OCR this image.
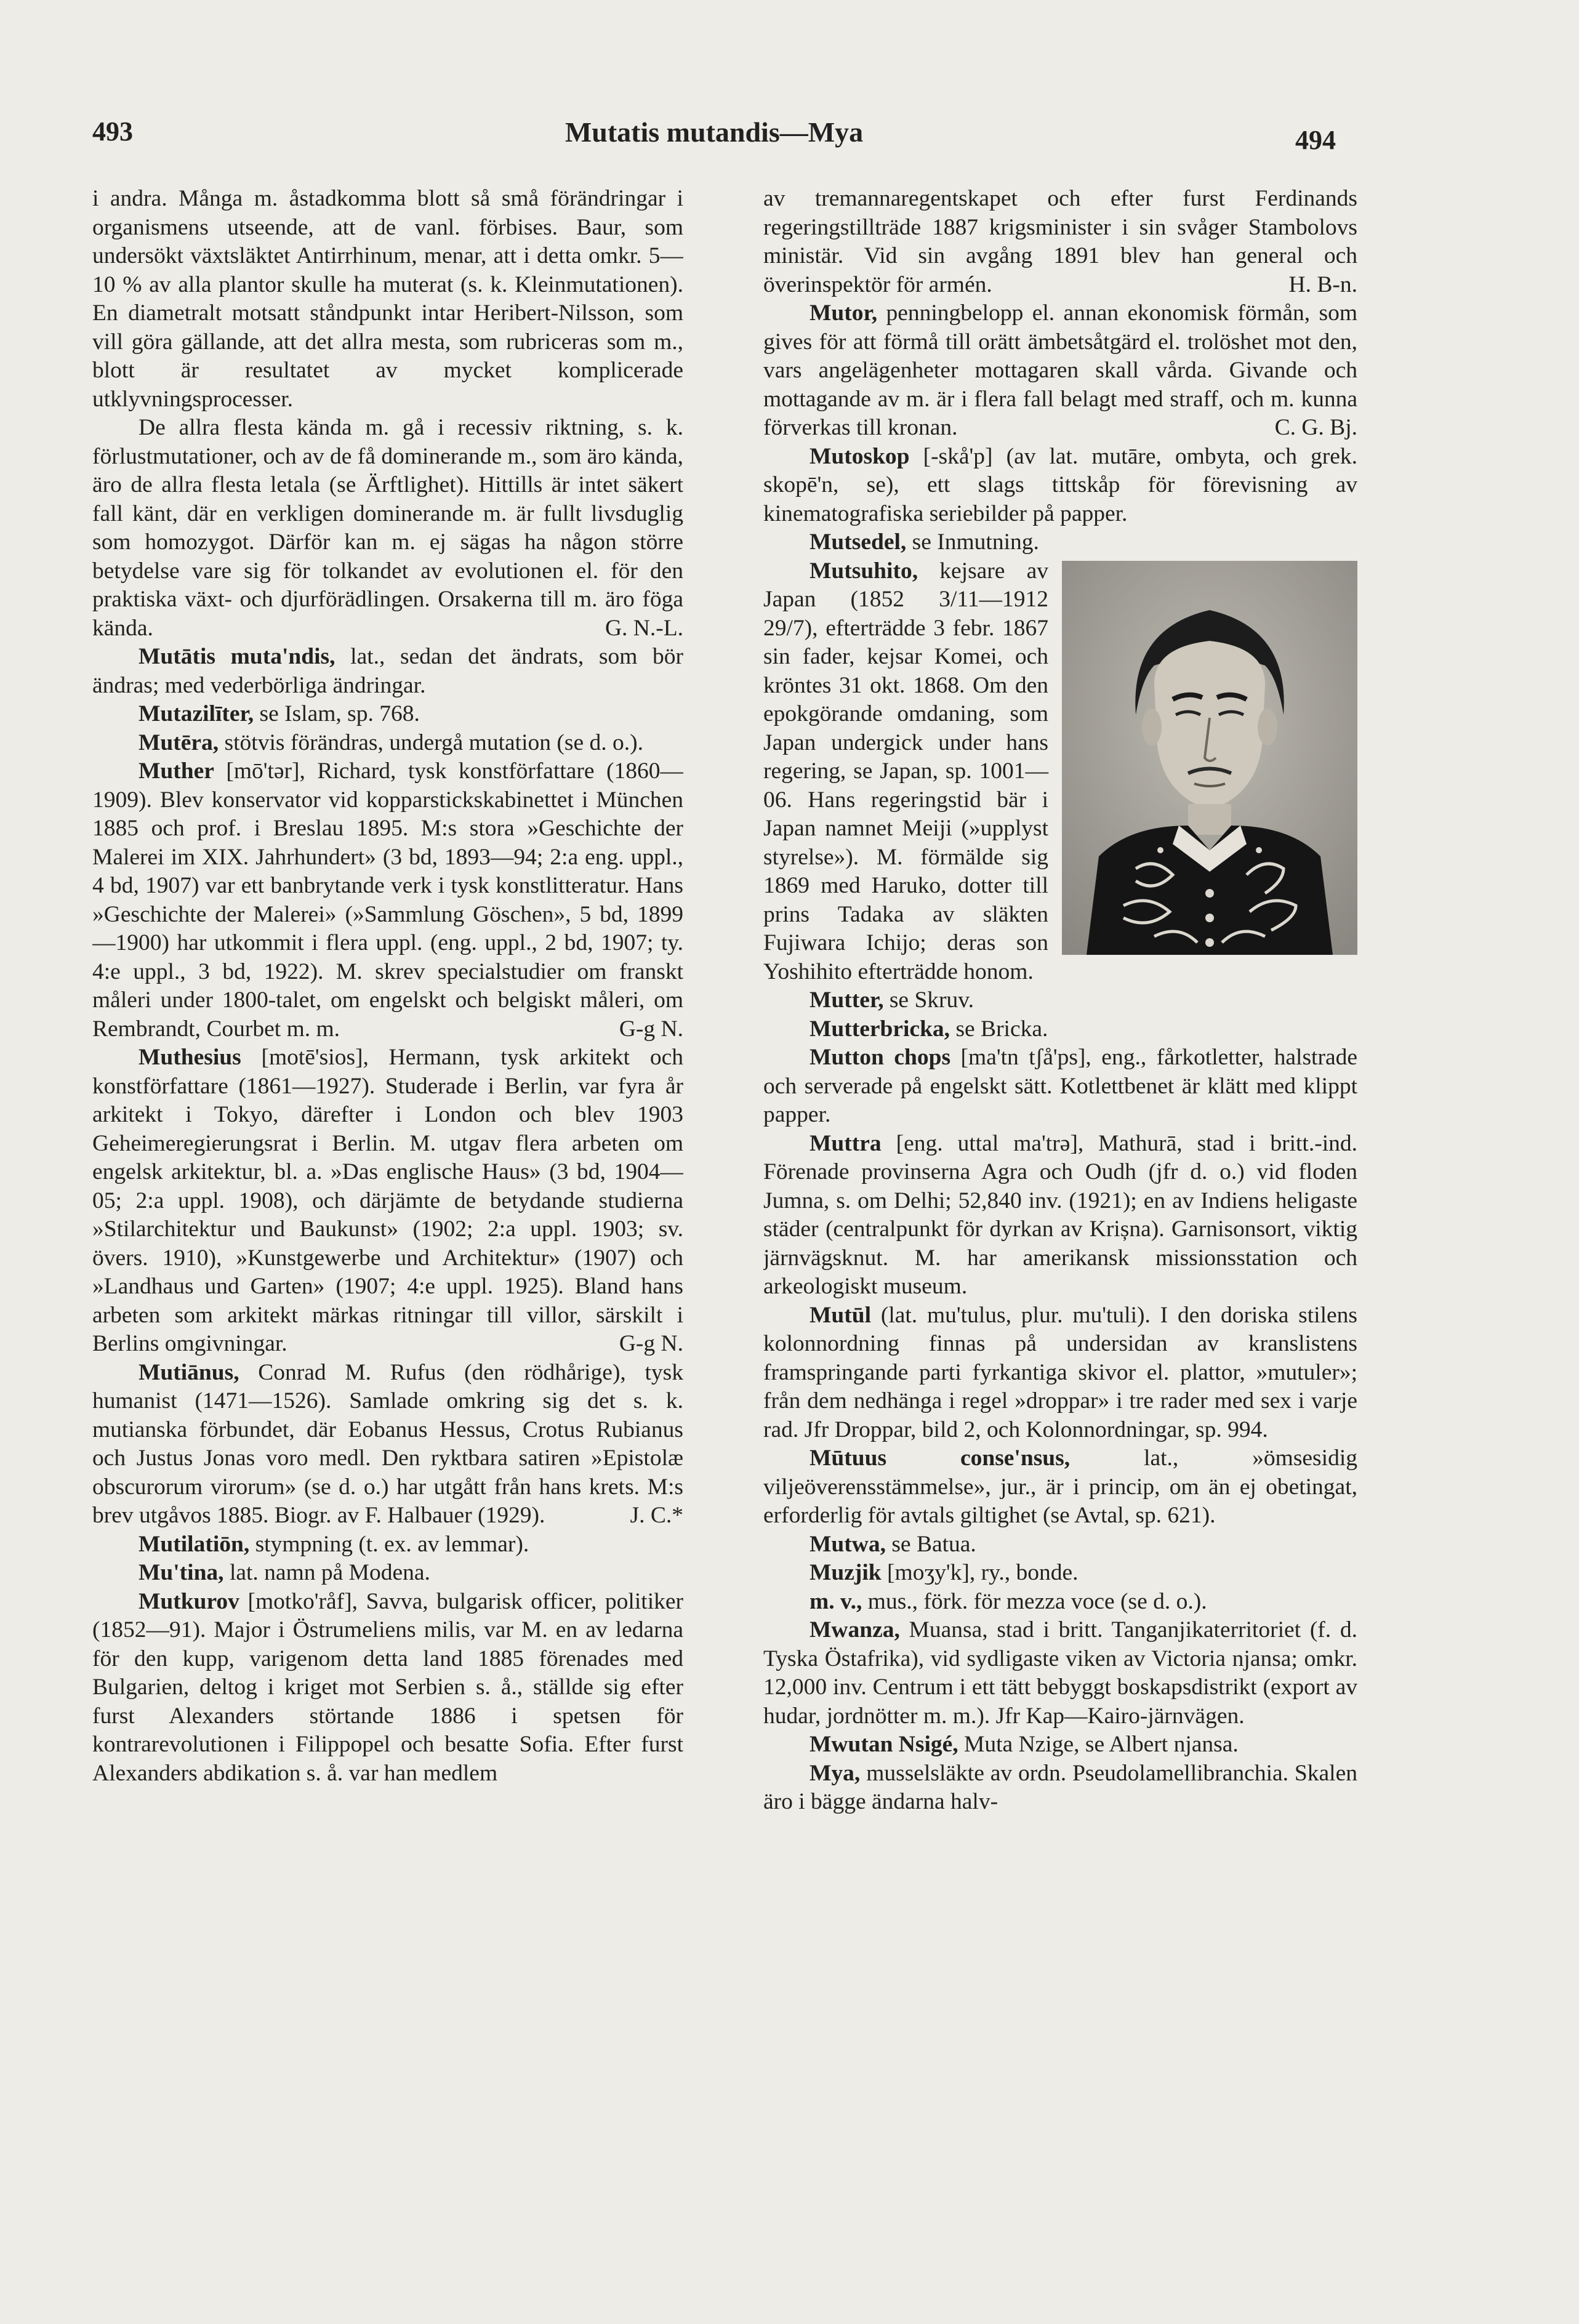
493	Mutatis mutandis—Mya	494

i andra. Många m. åstadkomma blott så små förändringar i organismens utseende, att de vanl. förbises. Baur, som undersökt växtsläktet Antirrhinum, menar, att i detta omkr. 5—10 % av alla plantor skulle ha muterat (s. k. Kleinmutationen). En diametralt motsatt ståndpunkt intar Heribert-Nilsson, som vill göra gällande, att det allra mesta, som rubriceras som m., blott är resultatet av mycket komplicerade utklyvningsprocesser.

De allra flesta kända m. gå i recessiv riktning, s. k. förlustmutationer, och av de få dominerande m., som äro kända, äro de allra flesta letala (se Ärftlighet). Hittills är intet säkert fall känt, där en verkligen dominerande m. är fullt livsduglig som homozygot. Därför kan m. ej sägas ha någon större betydelse vare sig för tolkandet av evolutionen el. för den praktiska växt- och djurförädlingen. Orsakerna till m. äro föga kända.	G. N.-L.

Mutātis muta'ndis, lat., sedan det ändrats, som bör ändras; med vederbörliga ändringar.

Mutazilīter, se Islam, sp. 768.

Mutēra, stötvis förändras, undergå mutation (se d. o.).

Muther [mō'tər], Richard, tysk konstförfattare (1860—1909). Blev konservator vid kopparstickskabinettet i München 1885 och prof. i Breslau 1895. M:s stora »Geschichte der Malerei im XIX. Jahrhundert» (3 bd, 1893—94; 2:a eng. uppl., 4 bd, 1907) var ett banbrytande verk i tysk konstlitteratur. Hans »Geschichte der Malerei» (»Sammlung Göschen», 5 bd, 1899—1900) har utkommit i flera uppl. (eng. uppl., 2 bd, 1907; ty. 4:e uppl., 3 bd, 1922). M. skrev specialstudier om franskt måleri under 1800-talet, om engelskt och belgiskt måleri, om Rembrandt, Courbet m. m.	G-g N.

Muthesius [motē'sios], Hermann, tysk arkitekt och konstförfattare (1861—1927). Studerade i Berlin, var fyra år arkitekt i Tokyo, därefter i London och blev 1903 Geheimeregierungsrat i Berlin. M. utgav flera arbeten om engelsk arkitektur, bl. a. »Das englische Haus» (3 bd, 1904—05; 2:a uppl. 1908), och därjämte de betydande studierna »Stilarchitektur und Baukunst» (1902; 2:a uppl. 1903; sv. övers. 1910), »Kunstgewerbe und Architektur» (1907) och »Landhaus und Garten» (1907; 4:e uppl. 1925). Bland hans arbeten som arkitekt märkas ritningar till villor, särskilt i Berlins omgivningar.	G-g N.

Mutiānus, Conrad M. Rufus (den rödhårige), tysk humanist (1471—1526). Samlade omkring sig det s. k. mutianska förbundet, där Eobanus Hessus, Crotus Rubianus och Justus Jonas voro medl. Den ryktbara satiren »Epistolæ obscurorum virorum» (se d. o.) har utgått från hans krets. M:s brev utgåvos 1885. Biogr. av F. Halbauer (1929).	J. C.*

Mutilatiōn, stympning (t. ex. av lemmar).

Mu'tina, lat. namn på Modena.

Mutkurov [motko'råf], Savva, bulgarisk officer, politiker (1852—91). Major i Östrumeliens milis, var M. en av ledarna för den kupp, varigenom detta land 1885 förenades med Bulgarien, deltog i kriget mot Serbien s. å., ställde sig efter furst Alexanders störtande 1886 i spetsen för kontrarevolutionen i Filippopel och besatte Sofia. Efter furst Alexanders abdikation s. å. var han medlem

av tremannaregentskapet och efter furst Ferdinands regeringstillträde 1887 krigsminister i sin svåger Stambolovs ministär. Vid sin avgång 1891 blev han general och överinspektör för armén.	H. B-n.

Mutor, penningbelopp el. annan ekonomisk förmån, som gives för att förmå till orätt ämbetsåtgärd el. trolöshet mot den, vars angelägenheter mottagaren skall vårda. Givande och mottagande av m. är i flera fall belagt med straff, och m. kunna förverkas till kronan.	C. G. Bj.

Mutoskop [-skå'p] (av lat. mutāre, ombyta, och grek. skopē'n, se), ett slags tittskåp för förevisning av kinematografiska seriebilder på papper.

Mutsedel, se Inmutning.

Mutsuhito, kejsare av Japan (1852 3/11—1912 29/7), efterträdde 3 febr. 1867 sin fader, kejsar Komei, och kröntes 31 okt. 1868. Om den epokgörande omdaning, som Japan undergick under hans regering, se Japan, sp. 1001—06. Hans regeringstid bär i Japan namnet Meiji (»upplyst styrelse»). M. förmälde sig 1869 med Haruko, dotter till prins Tadaka av släkten Fujiwara Ichijo; deras son Yoshihito efterträdde honom.

Mutter, se Skruv.

Mutterbricka, se Bricka.

Mutton chops [ma'tn tʃå'ps], eng., fårkotletter, halstrade och serverade på engelskt sätt. Kotlettbenet är klätt med klippt papper.

Muttra [eng. uttal ma'trə], Mathurā, stad i britt.-ind. Förenade provinserna Agra och Oudh (jfr d. o.) vid floden Jumna, s. om Delhi; 52,840 inv. (1921); en av Indiens heligaste städer (centralpunkt för dyrkan av Krișna). Garnisonsort, viktig järnvägsknut. M. har amerikansk missionsstation och arkeologiskt museum.

Mutūl (lat. mu'tulus, plur. mu'tuli). I den doriska stilens kolonnordning finnas på undersidan av kranslistens framspringande parti fyrkantiga skivor el. plattor, »mutuler»; från dem nedhänga i regel »droppar» i tre rader med sex i varje rad. Jfr Droppar, bild 2, och Kolonnordningar, sp. 994.

Mūtuus conse'nsus, lat., »ömsesidig viljeöverensstämmelse», jur., är i princip, om än ej obetingat, erforderlig för avtals giltighet (se Avtal, sp. 621).

Mutwa, se Batua.

Muzjik [moʒy'k], ry., bonde.

m. v., mus., förk. för mezza voce (se d. o.).

Mwanza, Muansa, stad i britt. Tanganjikaterritoriet (f. d. Tyska Östafrika), vid sydligaste viken av Victoria njansa; omkr. 12,000 inv. Centrum i ett tätt bebyggt boskapsdistrikt (export av hudar, jordnötter m. m.). Jfr Kap—Kairo-järnvägen.

Mwutan Nsigé, Muta Nzige, se Albert njansa.

Mya, musselsläkte av ordn. Pseudolamellibranchia. Skalen äro i bägge ändarna halv-
